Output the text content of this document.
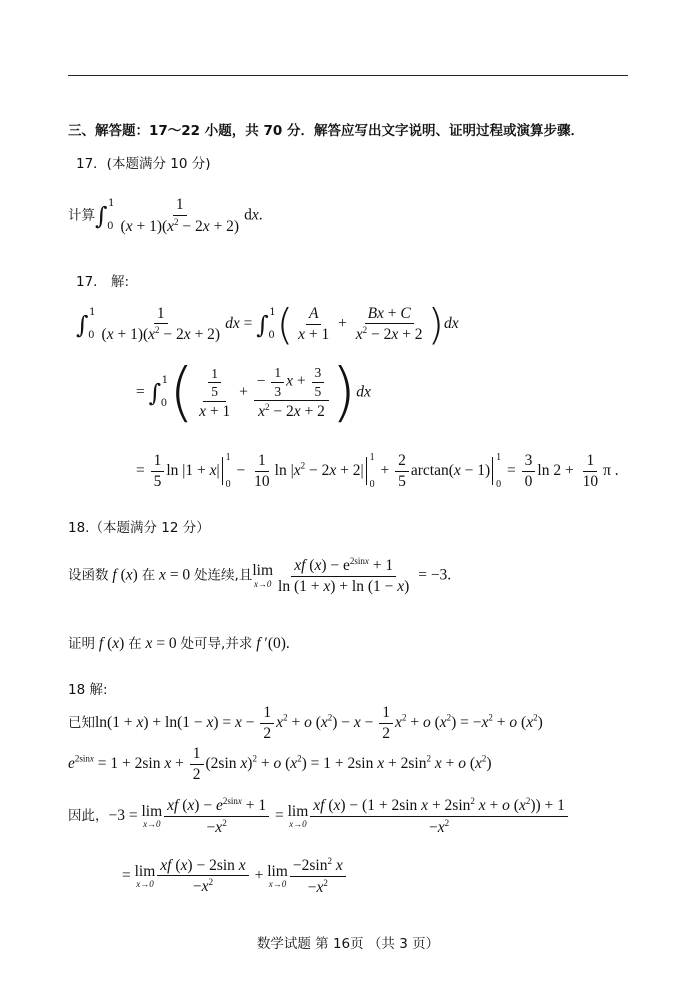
三、解答题：17～22 小题，共 70 分．解答应写出文字说明、证明过程或演算步骤．
17．(本题满分 10 分)
计算∫ 1
$0 \frac{1}{(x + 1)(x^2 - 2x + 2)}$ dx.
17． 解:
∫ 1
$0 \frac{1}{(x + 1)(x^2 - 2x + 2)}$ dx = ∫ 1
0 ( $\frac{A}{x + 1} + \frac{Bx + C}{x^2 - 2x + 2} )dx$
= ∫ 1
0 ( $\frac{\frac{1}{5}}{x + 1} + \frac{- \frac{1}{3} x + \frac{3}{5}}{x^2 - 2x + 2} )dx$
= $\frac{1}{5}$ ln |1 + x|
1
0
− $\frac{1}{10}$ $\ln |x^2 - 2x + 2|$
1
0
+ $\frac{2}{5} \arctan(x - 1)$
1
0
= $\frac{3}{0}$ $\ln 2 + \frac{1}{10}$ π .
18.（本题满分 12 分）
设函数 f (x) 在 x = 0 处连续,且lim
$x\to 0 \frac{xf (x) - e^{2sinx} + 1}{\ln (1 + x) + \ln (1 - x)} = -3$.
证明 f (x) 在 x = 0 处可导,并求 f ′(0).
18 解:
已知$\ln(1 + x) + \ln(1 - x) = x - \frac{1}{2} x^2 + o$ $(x^2) - x - \frac{1}{2} x^2 + o$ $(x^2) = -x^2 + o$ $(x^2)$
$e^{2sinx} = 1 + 2\sin$ $x + \frac{1}{2} (2\sin$ x)$^2$ + o $(x^2) = 1 + 2\sin$ $x + 2\sin^2$ x + o $(x^2)$
因此，−3 = lim
$x\to 0 \frac{xf (x) - e^{2sinx} + 1}{-x^2} = \lim$
$x\to 0 \frac{xf (x) - (1 + 2\sin x + 2\sin^2 x + o (x^2)) + 1}{-x^2}$
= lim
$x\to 0 \frac{\text{xf (x) − 2sin x}}{-x^2} + \lim$
$x\to 0 \frac{-2\sin^2 x}{-x^2}$
数学试题 第 16页 （共 3 页）
